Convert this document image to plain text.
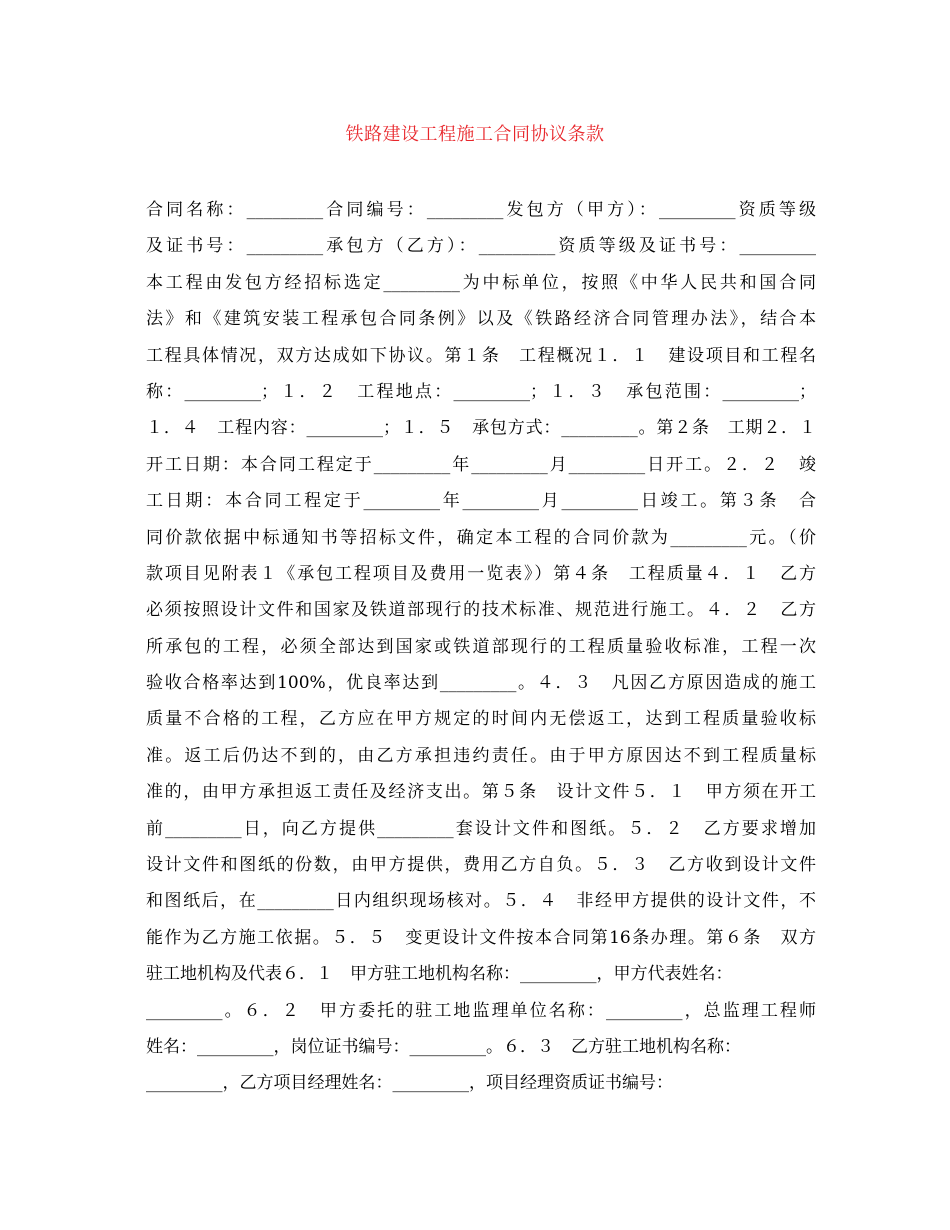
铁路建设工程施工合同协议条款
合同名称：_________合同编号：_________发包方（甲方）：_________资质等级
及证书号：_________承包方（乙方）：_________资质等级及证书号：_________
本工程由发包方经招标选定_________为中标单位，按照《中华人民共和国合同
法》和《建筑安装工程承包合同条例》以及《铁路经济合同管理办法》，结合本
工程具体情况，双方达成如下协议。第１条　工程概况１．１　建设项目和工程名
称：_________；１．２　工程地点：_________；１．３　承包范围：_________；
１．４　工程内容：_________；１．５　承包方式：_________。第２条　工期２．１
开工日期：本合同工程定于_________年_________月_________日开工。２．２　竣
工日期：本合同工程定于_________年_________月_________日竣工。第３条　合
同价款依据中标通知书等招标文件，确定本工程的合同价款为_________元。（价
款项目见附表１《承包工程项目及费用一览表》）第４条　工程质量４．１　乙方
必须按照设计文件和国家及铁道部现行的技术标准、规范进行施工。４．２　乙方
所承包的工程，必须全部达到国家或铁道部现行的工程质量验收标准，工程一次
验收合格率达到100%，优良率达到_________。４．３　凡因乙方原因造成的施工
质量不合格的工程，乙方应在甲方规定的时间内无偿返工，达到工程质量验收标
准。返工后仍达不到的，由乙方承担违约责任。由于甲方原因达不到工程质量标
准的，由甲方承担返工责任及经济支出。第５条　设计文件５．１　甲方须在开工
前_________日，向乙方提供_________套设计文件和图纸。５．２　乙方要求增加
设计文件和图纸的份数，由甲方提供，费用乙方自负。５．３　乙方收到设计文件
和图纸后，在_________日内组织现场核对。５．４　非经甲方提供的设计文件，不
能作为乙方施工依据。５．５　变更设计文件按本合同第16条办理。第６条　双方
驻工地机构及代表６．１　甲方驻工地机构名称：_________，甲方代表姓名：
_________。６．２　甲方委托的驻工地监理单位名称：_________，总监理工程师
姓名：_________，岗位证书编号：_________。６．３　乙方驻工地机构名称：
_________，乙方项目经理姓名：_________，项目经理资质证书编号：
